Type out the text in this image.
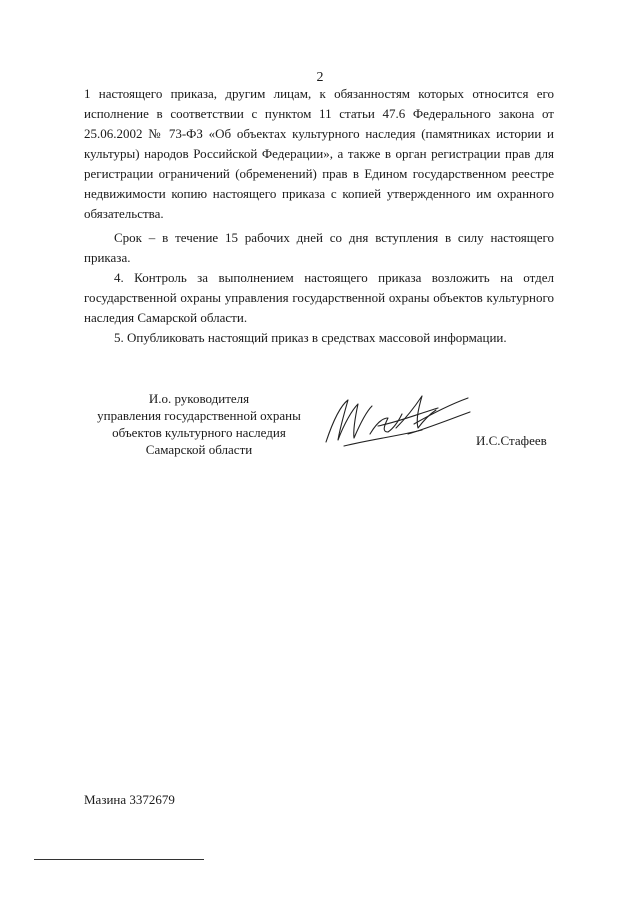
2

1 настоящего приказа, другим лицам, к обязанностям которых относится его исполнение в соответствии с пунктом 11 статьи 47.6 Федерального закона от 25.06.2002 № 73-ФЗ «Об объектах культурного наследия (памятниках истории и культуры) народов Российской Федерации», а также в орган регистрации прав для регистрации ограничений (обременений) прав в Едином государственном реестре недвижимости копию настоящего приказа с копией утвержденного им охранного обязательства.

Срок – в течение 15 рабочих дней со дня вступления в силу настоящего приказа.

4. Контроль за выполнением настоящего приказа возложить на отдел государственной охраны управления государственной охраны объектов культурного наследия Самарской области.

5. Опубликовать настоящий приказ в средствах массовой информации.

И.о. руководителя
управления государственной охраны
объектов культурного наследия
Самарской области
И.С.Стафеев
Мазина 3372679
